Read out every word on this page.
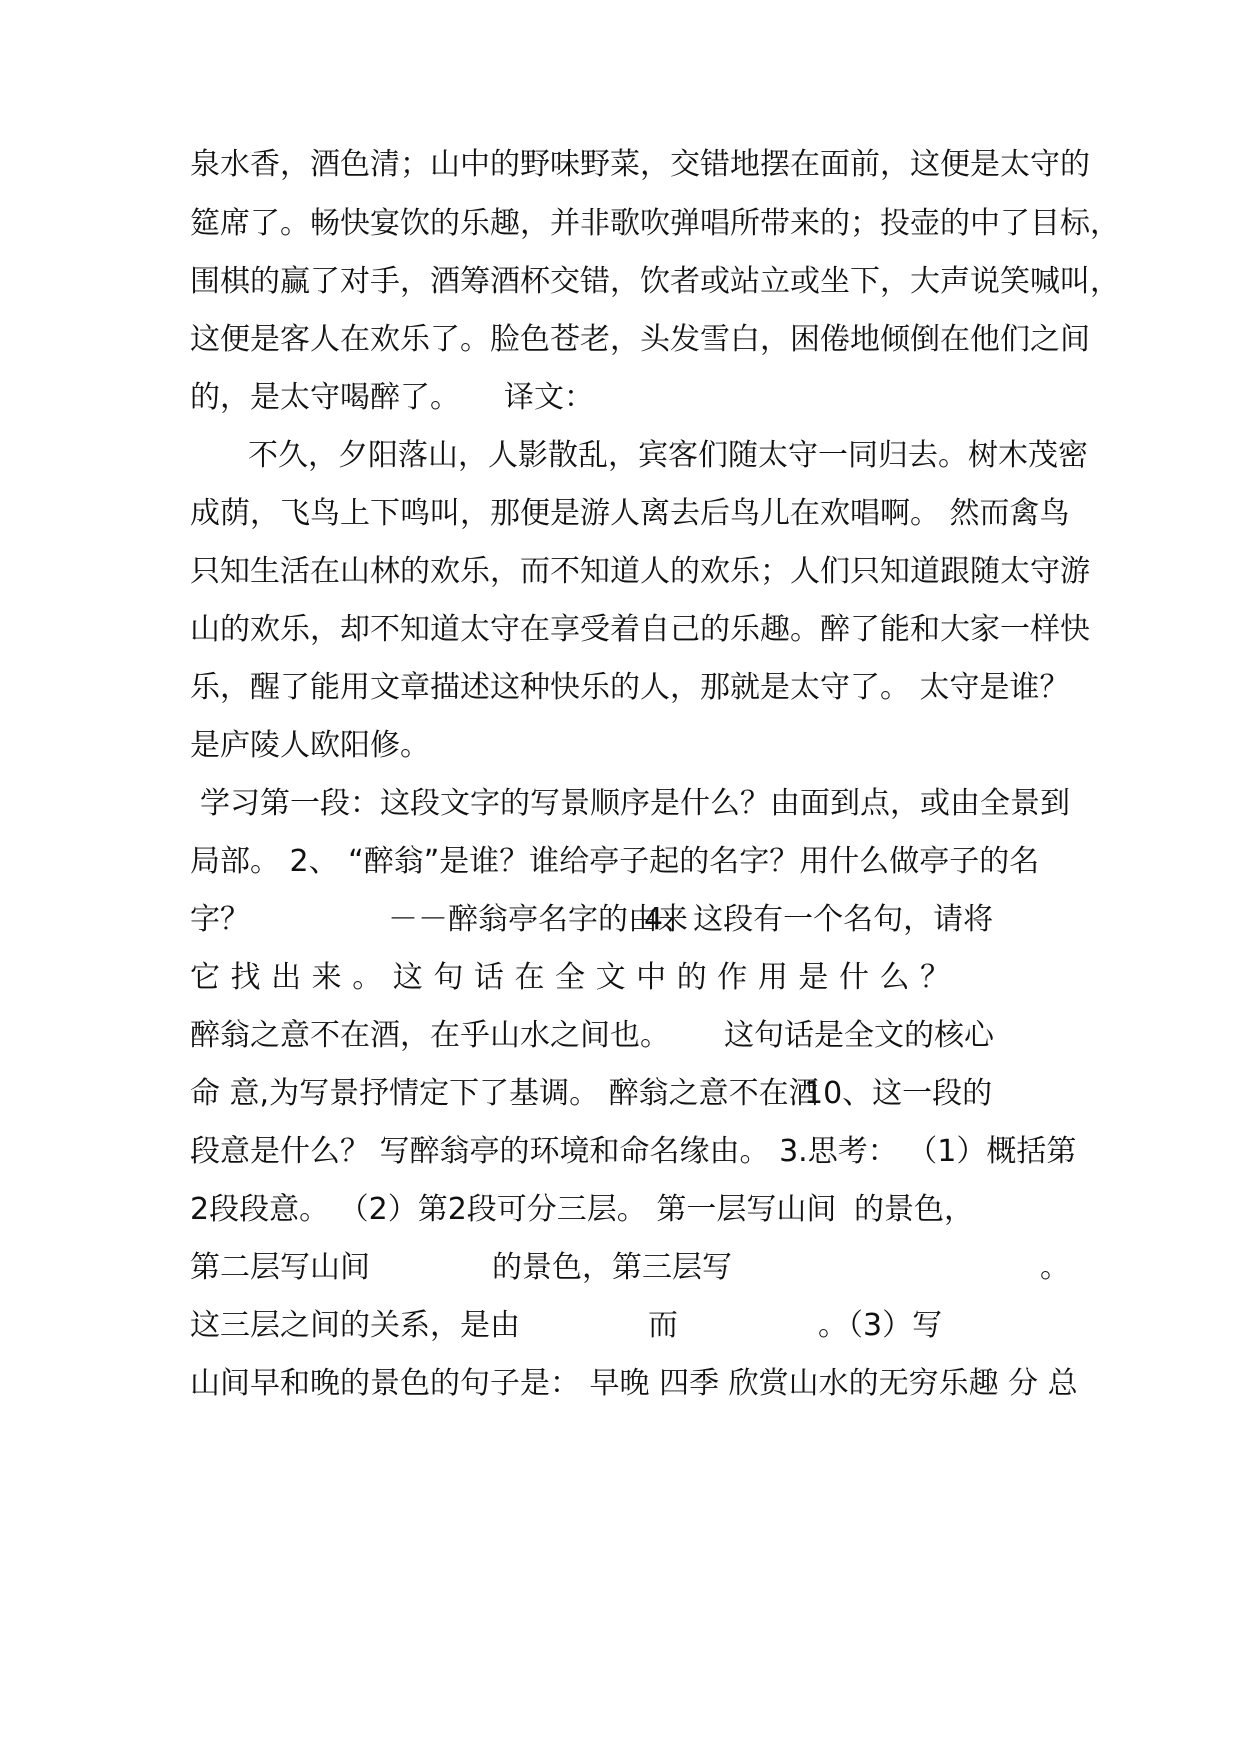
泉水香，酒色清；山中的野味野菜，交错地摆在面前，这便是太守的
筵席了。畅快宴饮的乐趣，并非歌吹弹唱所带来的；投壶的中了目标，
围棋的赢了对手，酒筹酒杯交错，饮者或站立或坐下，大声说笑喊叫，
这便是客人在欢乐了。脸色苍老，头发雪白，困倦地倾倒在他们之间
的，是太守喝醉了。 译文：
不久，夕阳落山，人影散乱，宾客们随太守一同归去。树木茂密
成荫，飞鸟上下鸣叫，那便是游人离去后鸟儿在欢唱啊。 然而禽鸟
只知生活在山林的欢乐，而不知道人的欢乐；人们只知道跟随太守游
山的欢乐，却不知道太守在享受着自己的乐趣。醉了能和大家一样快
乐，醒了能用文章描述这种快乐的人，那就是太守了。 太守是谁？
是庐陵人欧阳修。
学习第一段：这段文字的写景顺序是什么？由面到点，或由全景到
局部。 2、 “醉翁”是谁？谁给亭子起的名字？用什么做亭子的名
字？	－－醉翁亭名字的由来
4、这段有一个名句，请将
它找出来。这句话在全文中的作用是什么？
醉翁之意不在酒，在乎山水之间也。 这句话是全文的核心
命 意,为写景抒情定下了基调。 醉翁之意不在酒
10、这一段的
段意是什么？ 写醉翁亭的环境和命名缘由。 3.思考： （1）概括第
2段段意。 （2）第2段可分三层。 第一层写山间 的景色，
第二层写山间	的景色， 第三层写	。
这三层之间的关系，是由	而	。（3）写
山间早和晚的景色的句子是： 早晚 四季 欣赏山水的无穷乐趣 分 总
